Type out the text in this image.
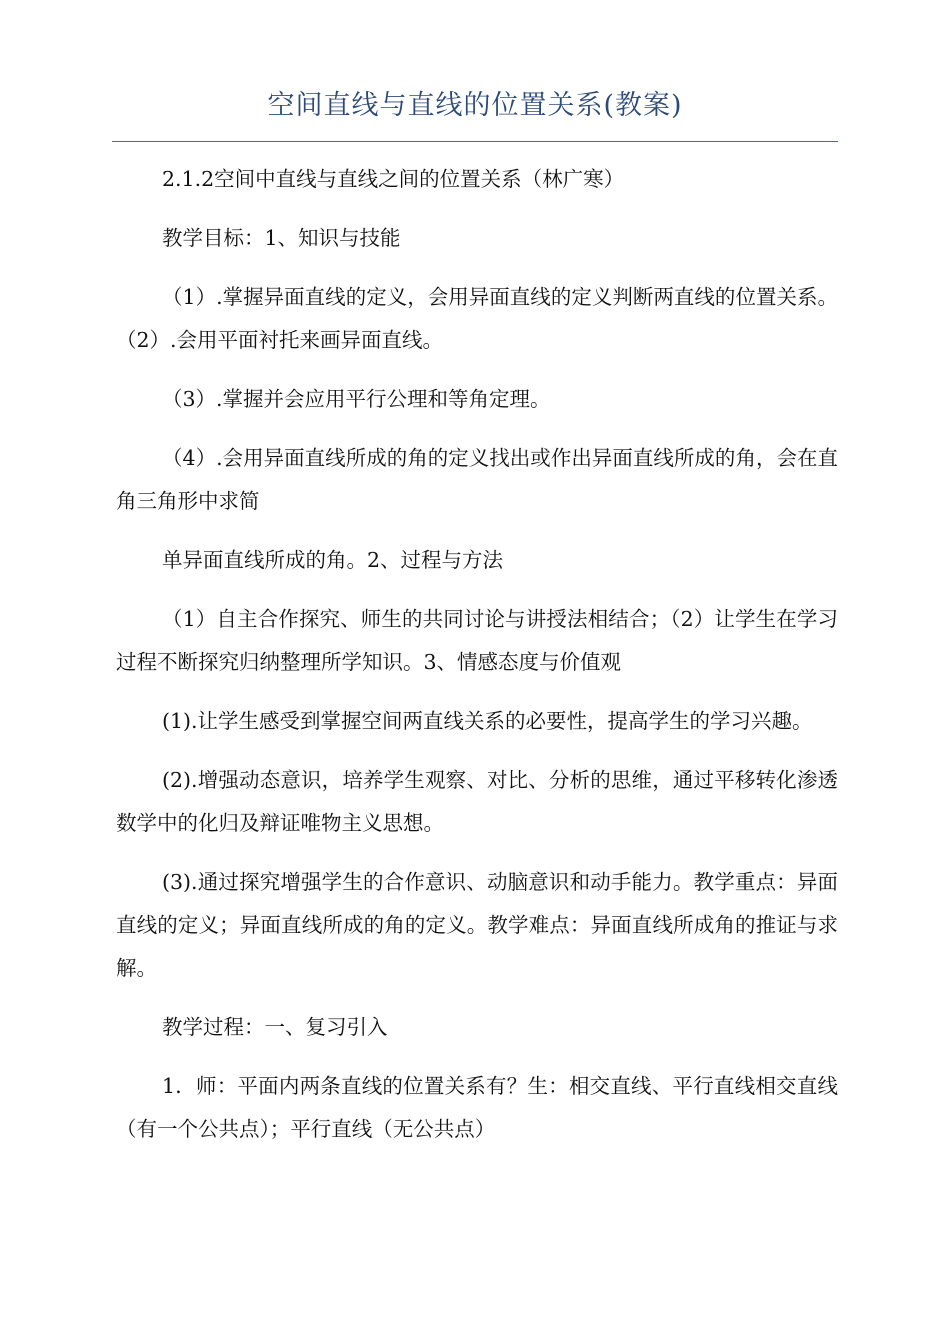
空间直线与直线的位置关系(教案)

2.1.2空间中直线与直线之间的位置关系（林广寒）

教学目标：1、知识与技能

（1）.掌握异面直线的定义，会用异面直线的定义判断两直线的位置关系。（2）.会用平面衬托来画异面直线。

（3）.掌握并会应用平行公理和等角定理。

（4）.会用异面直线所成的角的定义找出或作出异面直线所成的角，会在直角三角形中求简

单异面直线所成的角。2、过程与方法

（1）自主合作探究、师生的共同讨论与讲授法相结合；（2）让学生在学习过程不断探究归纳整理所学知识。3、情感态度与价值观

(1).让学生感受到掌握空间两直线关系的必要性，提高学生的学习兴趣。

(2).增强动态意识，培养学生观察、对比、分析的思维，通过平移转化渗透数学中的化归及辩证唯物主义思想。

(3).通过探究增强学生的合作意识、动脑意识和动手能力。教学重点：异面直线的定义；异面直线所成的角的定义。教学难点：异面直线所成角的推证与求解。

教学过程：一、复习引入

1．师：平面内两条直线的位置关系有？生：相交直线、平行直线相交直线（有一个公共点）；平行直线（无公共点）
